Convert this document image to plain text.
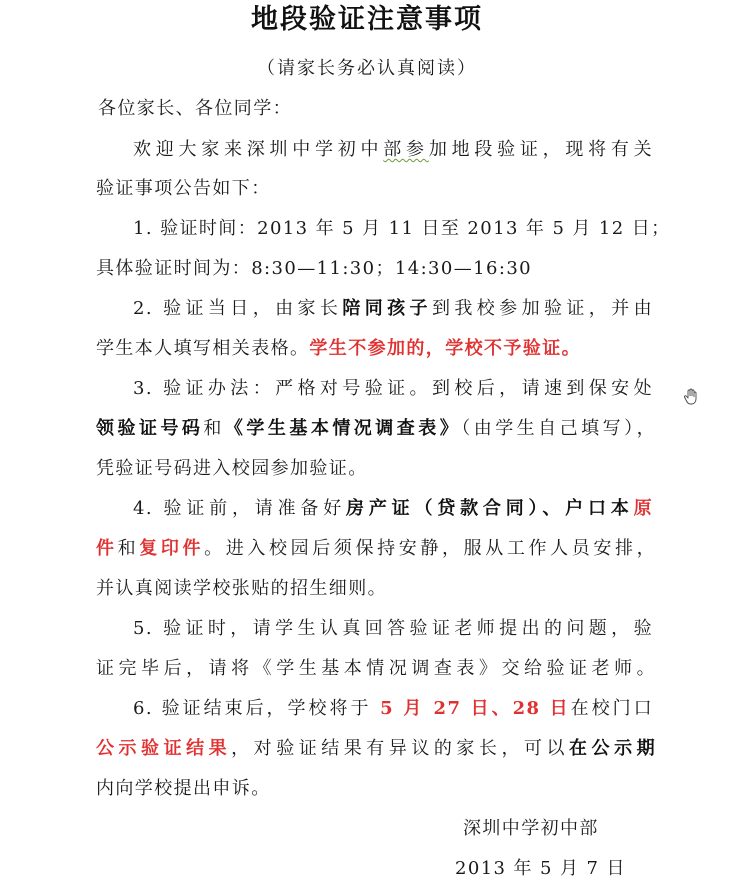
地段验证注意事项
（请家长务必认真阅读）
各位家长、各位同学：
欢迎大家来深圳中学初中部参加地段验证，现将有关
验证事项公告如下：
1. 验证时间：2013 年 5 月 11 日至 2013 年 5 月 12 日；
具体验证时间为：8:30—11:30；14:30—16:30
2. 验证当日，由家长陪同孩子到我校参加验证，并由
学生本人填写相关表格。学生不参加的，学校不予验证。
3. 验证办法：严格对号验证。到校后，请速到保安处
领验证号码和《学生基本情况调查表》（由学生自己填写），
凭验证号码进入校园参加验证。
4. 验证前，请准备好房产证（贷款合同）、户口本原
件和复印件。进入校园后须保持安静，服从工作人员安排，
并认真阅读学校张贴的招生细则。
5. 验证时，请学生认真回答验证老师提出的问题，验
证完毕后，请将《学生基本情况调查表》交给验证老师。
6. 验证结束后，学校将于 5 月 27 日、28 日在校门口
公示验证结果，对验证结果有异议的家长，可以在公示期
内向学校提出申诉。
深圳中学初中部
2013 年 5 月 7 日
